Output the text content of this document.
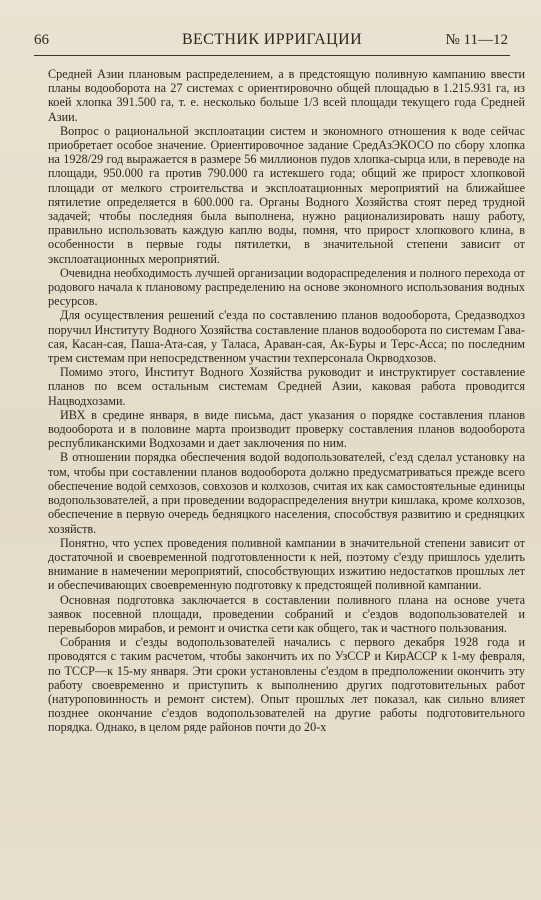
66	ВЕСТНИК ИРРИГАЦИИ	№ 11—12

Средней Азии плановым распределением, а в предстоящую поливную кампанию ввести планы водооборота на 27 системах с ориентировочно общей площадью в 1.215.931 га, из коей хлопка 391.500 га, т. е. несколько больше 1/3 всей площади текущего года Средней Азии.

Вопрос о рациональной эксплоатации систем и экономного отношения к воде сейчас приобретает особое значение. Ориентировочное задание СредАзЭКОСО по сбору хлопка на 1928/29 год выражается в размере 56 миллионов пудов хлопка-сырца или, в переводе на площади, 950.000 га против 790.000 га истекшего года; общий же прирост хлопковой площади от мелкого строительства и эксплоатационных мероприятий на ближайшее пятилетие определяется в 600.000 га. Органы Водного Хозяйства стоят перед трудной задачей; чтобы последняя была выполнена, нужно рационализировать нашу работу, правильно использовать каждую каплю воды, помня, что прирост хлопкового клина, в особенности в первые годы пятилетки, в значительной степени зависит от эксплоатационных мероприятий.

Очевидна необходимость лучшей организации водораспределения и полного перехода от родового начала к плановому распределению на основе экономного использования водных ресурсов.

Для осуществления решений с'езда по составлению планов водооборота, Средазводхоз поручил Институту Водного Хозяйства составление планов водооборота по системам Гава-сая, Касан-сая, Паша-Ата-сая, у Таласа, Араван-сая, Ак-Буры и Терс-Асса; по последним трем системам при непосредственном участии техперсонала Окрводхозов.

Помимо этого, Институт Водного Хозяйства руководит и инструктирует составление планов по всем остальным системам Средней Азии, каковая работа проводится Нацводхозами.

ИВХ в средине января, в виде письма, даст указания о порядке составления планов водооборота и в половине марта производит проверку составления планов водооборота республиканскими Водхозами и дает заключения по ним.

В отношении порядка обеспечения водой водопользователей, с'езд сделал установку на том, чтобы при составлении планов водооборота должно предусматриваться прежде всего обеспечение водой семхозов, совхозов и колхозов, считая их как самостоятельные единицы водопользователей, а при проведении водораспределения внутри кишлака, кроме колхозов, обеспечение в первую очередь бедняцкого населения, способствуя развитию и средняцких хозяйств.

Понятно, что успех проведения поливной кампании в значительной степени зависит от достаточной и своевременной подготовленности к ней, поэтому с'езду пришлось уделить внимание в намечении мероприятий, способствующих изжитию недостатков прошлых лет и обеспечивающих своевременную подготовку к предстоящей поливной кампании.

Основная подготовка заключается в составлении поливного плана на основе учета заявок посевной площади, проведении собраний и с'ездов водопользователей и перевыборов мирабов, и ремонт и очистка сети как общего, так и частного пользования.

Собрания и с'езды водопользователей начались с первого декабря 1928 года и проводятся с таким расчетом, чтобы закончить их по УзССР и КирАССР к 1-му февраля, по ТССР—к 15-му января. Эти сроки установлены с'ездом в предположении окончить эту работу своевременно и приступить к выполнению других подготовительных работ (натуроповинность и ремонт систем). Опыт прошлых лет показал, как сильно влияет позднее окончание с'ездов водопользователей на другие работы подготовительного порядка. Однако, в целом ряде районов почти до 20-х
